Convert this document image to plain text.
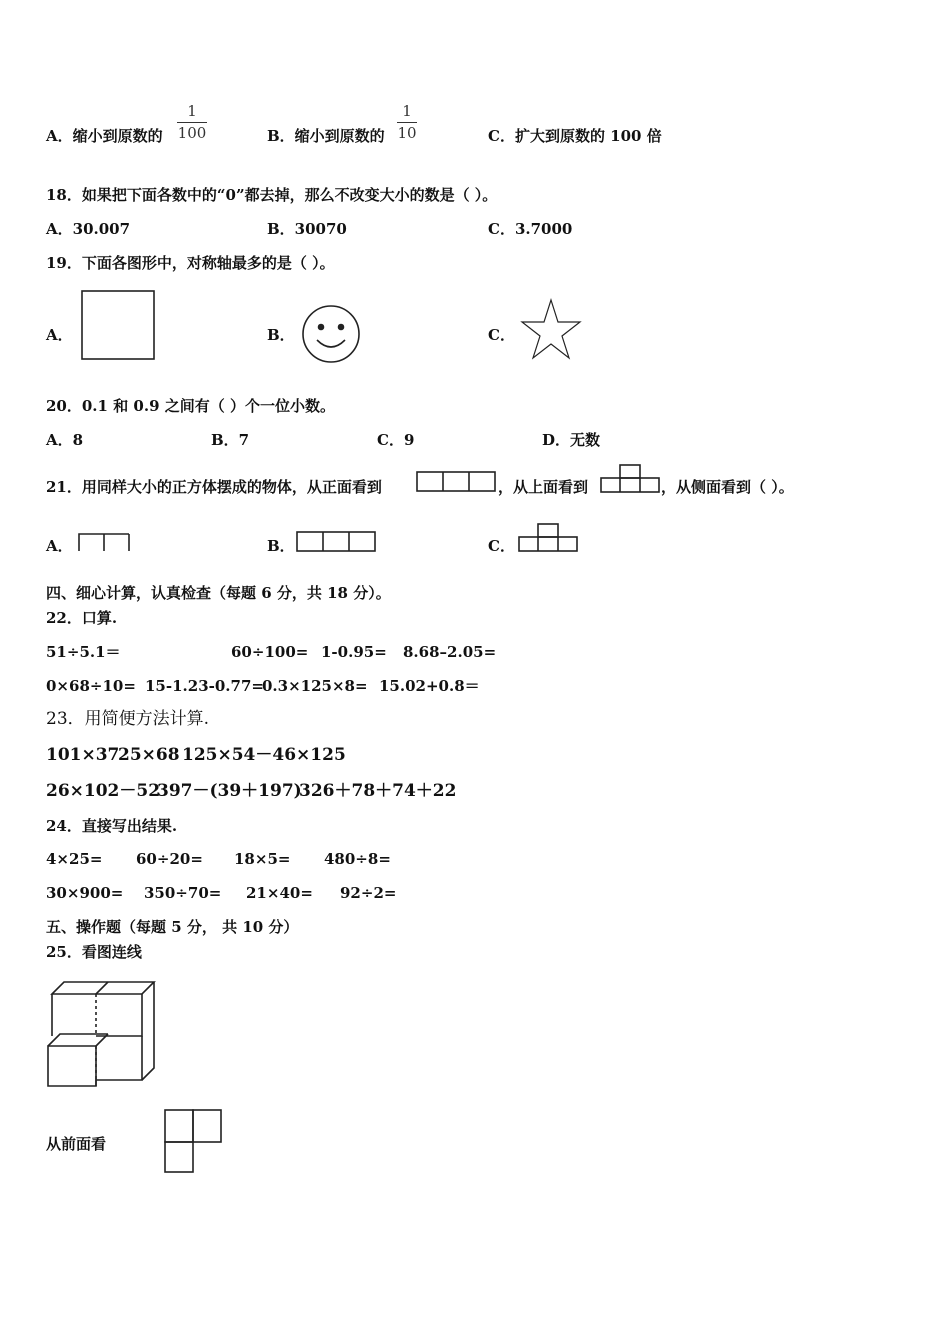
A．缩小到原数的 $\frac{1}{100}$	B．缩小到原数的 $\frac{1}{10}$	C．扩大到原数的 100 倍
18．如果把下面各数中的“0”都去掉，那么不改变大小的数是（ ）。
A．30.007	B．30070	C．3.7000
19．下面各图形中，对称轴最多的是（ ）。
A．	B．	C．
20．0.1 和 0.9 之间有（ ）个一位小数。
A．8	B．7	C．9	D．无数
21．用同样大小的正方体摆成的物体，从正面看到	，从上面看到	，从侧面看到（ ）。
A．	B．	C．
四、细心计算，认真检查（每题 6 分，共 18 分）。
22．口算.
51÷5.1＝	60÷100= 1-0.95= 8.68–2.05=
0×68÷10= 15-1.23-0.77=
0.3×125×8= 15.02+0.8＝
23．用简便方法计算.
101×37
25×68 125×54－46×125
26×102－52
397－(39＋197)
326＋78＋74＋22
24．直接写出结果.
4×25= 60÷20= 18×5= 480÷8=
30×900= 350÷70= 21×40= 92÷2=
五、操作题（每题 5 分， 共 10 分）
25．看图连线
从前面看
